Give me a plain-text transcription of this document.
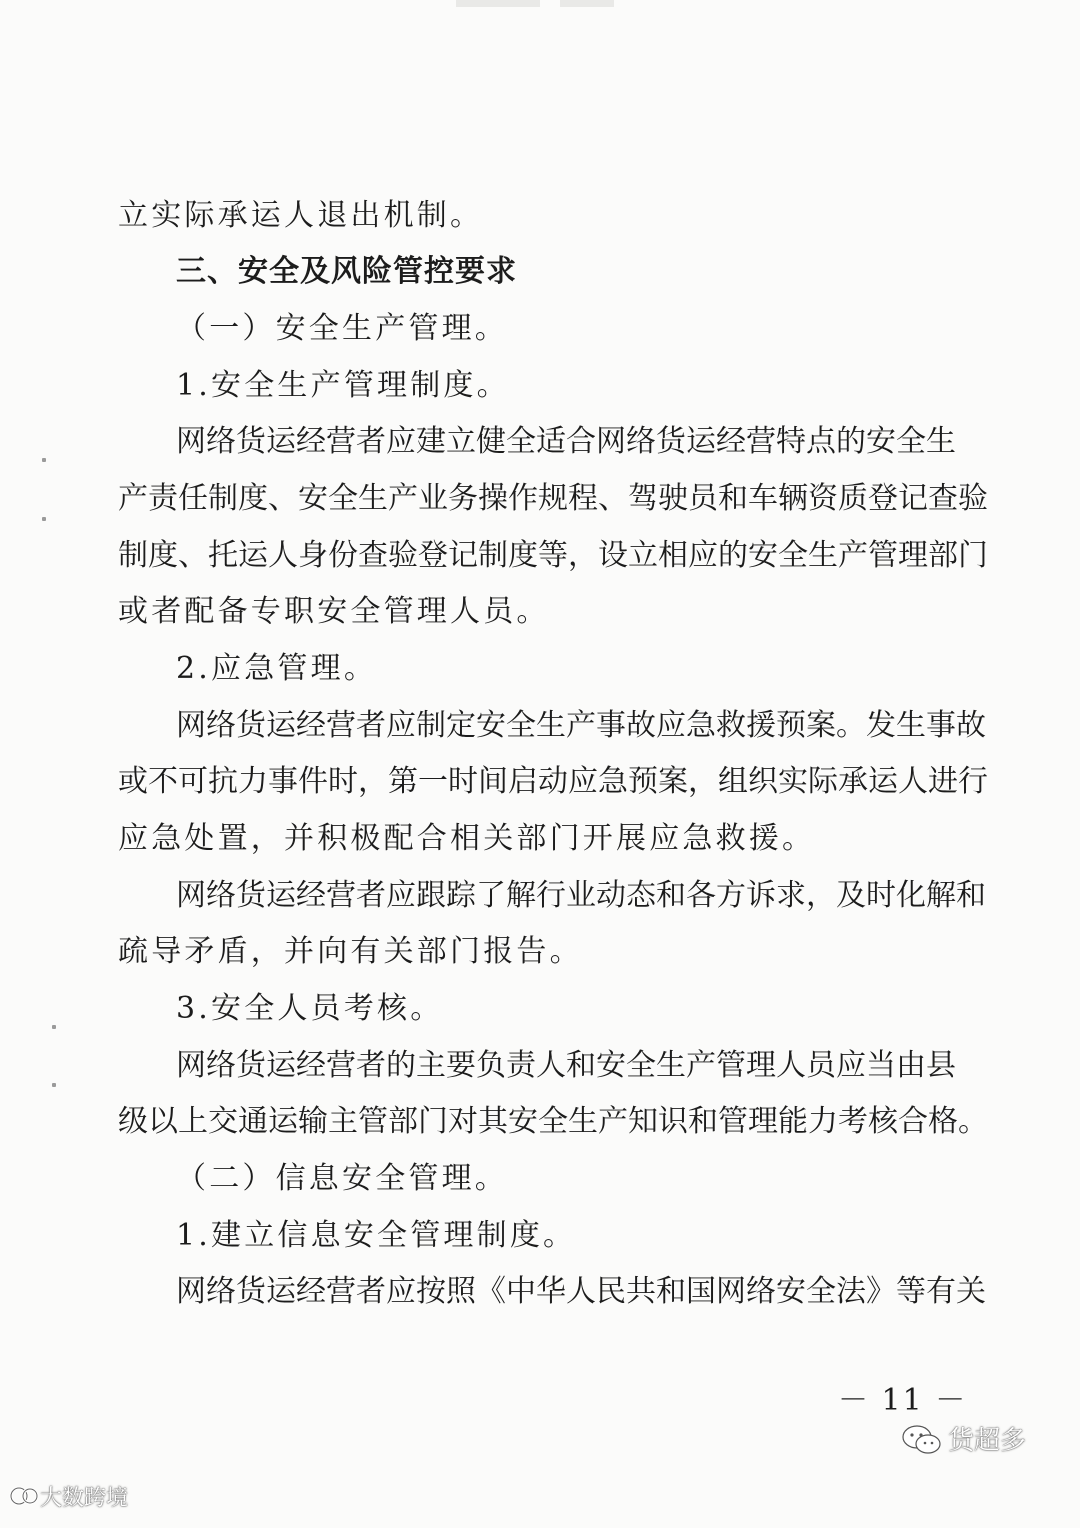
立实际承运人退出机制。
三、安全及风险管控要求
（一）安全生产管理。
1.安全生产管理制度。
网络货运经营者应建立健全适合网络货运经营特点的安全生
产责任制度、安全生产业务操作规程、驾驶员和车辆资质登记查验
制度、托运人身份查验登记制度等，设立相应的安全生产管理部门
或者配备专职安全管理人员。
2.应急管理。
网络货运经营者应制定安全生产事故应急救援预案。发生事故
或不可抗力事件时，第一时间启动应急预案，组织实际承运人进行
应急处置，并积极配合相关部门开展应急救援。
网络货运经营者应跟踪了解行业动态和各方诉求，及时化解和
疏导矛盾，并向有关部门报告。
3.安全人员考核。
网络货运经营者的主要负责人和安全生产管理人员应当由县
级以上交通运输主管部门对其安全生产知识和管理能力考核合格。
（二）信息安全管理。
1.建立信息安全管理制度。
网络货运经营者应按照《中华人民共和国网络安全法》等有关
－ 11 －
大数跨境
货超多
